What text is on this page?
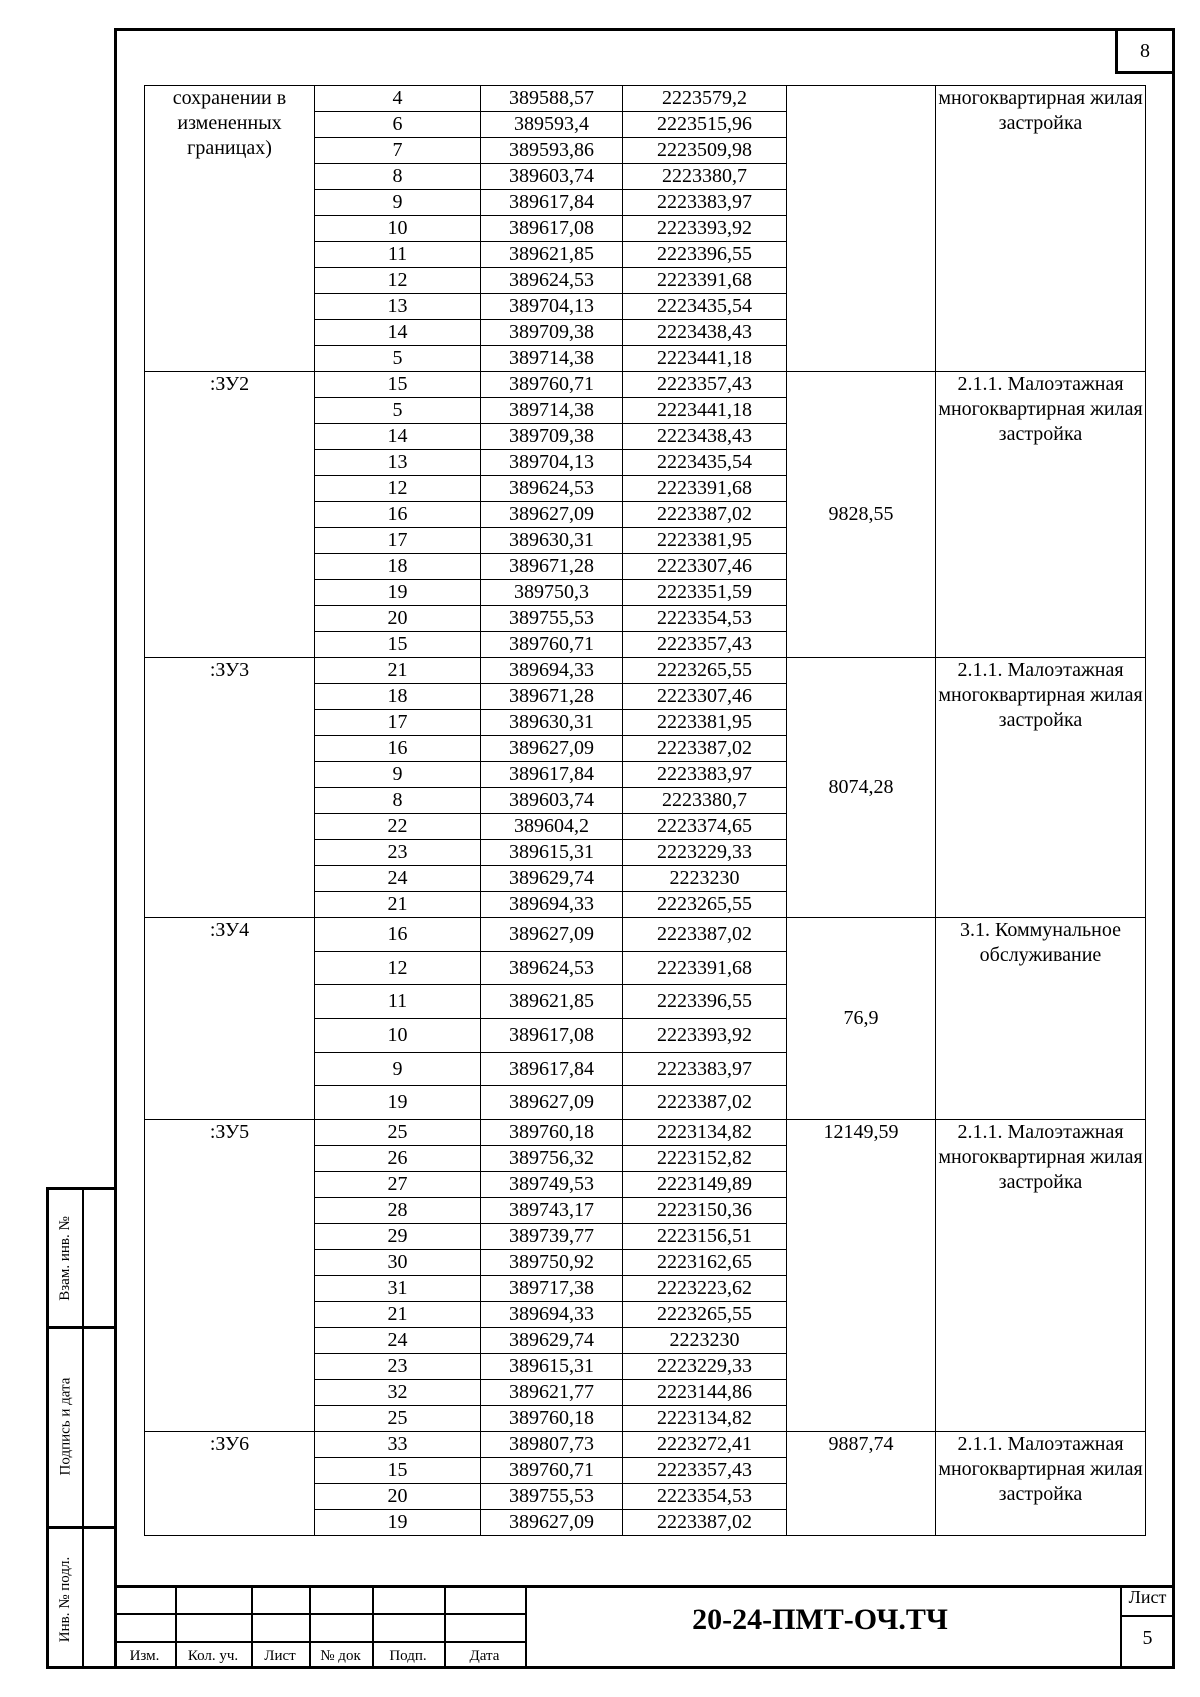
8
Взам. инв. №
Подпись и дата
Инв. № подл.
сохранении в измененных границах)	4	389588,57	2223579,2		многоквартирная жилая застройка
	6	389593,4	2223515,96		
	7	389593,86	2223509,98		
	8	389603,74	2223380,7		
	9	389617,84	2223383,97		
	10	389617,08	2223393,92		
	11	389621,85	2223396,55		
	12	389624,53	2223391,68		
	13	389704,13	2223435,54		
	14	389709,38	2223438,43		
	5	389714,38	2223441,18		
:ЗУ2	15	389760,71	2223357,43	9828,55	2.1.1. Малоэтажная многоквартирная жилая застройка
	5	389714,38	2223441,18		
	14	389709,38	2223438,43		
	13	389704,13	2223435,54		
	12	389624,53	2223391,68		
	16	389627,09	2223387,02		
	17	389630,31	2223381,95		
	18	389671,28	2223307,46		
	19	389750,3	2223351,59		
	20	389755,53	2223354,53		
	15	389760,71	2223357,43		
:ЗУ3	21	389694,33	2223265,55	8074,28	2.1.1. Малоэтажная многоквартирная жилая застройка
	18	389671,28	2223307,46		
	17	389630,31	2223381,95		
	16	389627,09	2223387,02		
	9	389617,84	2223383,97		
	8	389603,74	2223380,7		
	22	389604,2	2223374,65		
	23	389615,31	2223229,33		
	24	389629,74	2223230		
	21	389694,33	2223265,55		
:ЗУ4	16	389627,09	2223387,02	76,9	3.1. Коммунальное обслуживание
	12	389624,53	2223391,68		
	11	389621,85	2223396,55		
	10	389617,08	2223393,92		
	9	389617,84	2223383,97		
	19	389627,09	2223387,02		
:ЗУ5	25	389760,18	2223134,82	12149,59	2.1.1. Малоэтажная многоквартирная жилая застройка
	26	389756,32	2223152,82		
	27	389749,53	2223149,89		
	28	389743,17	2223150,36		
	29	389739,77	2223156,51		
	30	389750,92	2223162,65		
	31	389717,38	2223223,62		
	21	389694,33	2223265,55		
	24	389629,74	2223230		
	23	389615,31	2223229,33		
	32	389621,77	2223144,86		
	25	389760,18	2223134,82		
:ЗУ6	33	389807,73	2223272,41	9887,74	2.1.1. Малоэтажная многоквартирная жилая застройка
	15	389760,71	2223357,43		
	20	389755,53	2223354,53		
	19	389627,09	2223387,02		
Изм.	Кол. уч.	Лист	№ док	Подп.	Дата
20-24-ПМТ-ОЧ.ТЧ
Лист
5
